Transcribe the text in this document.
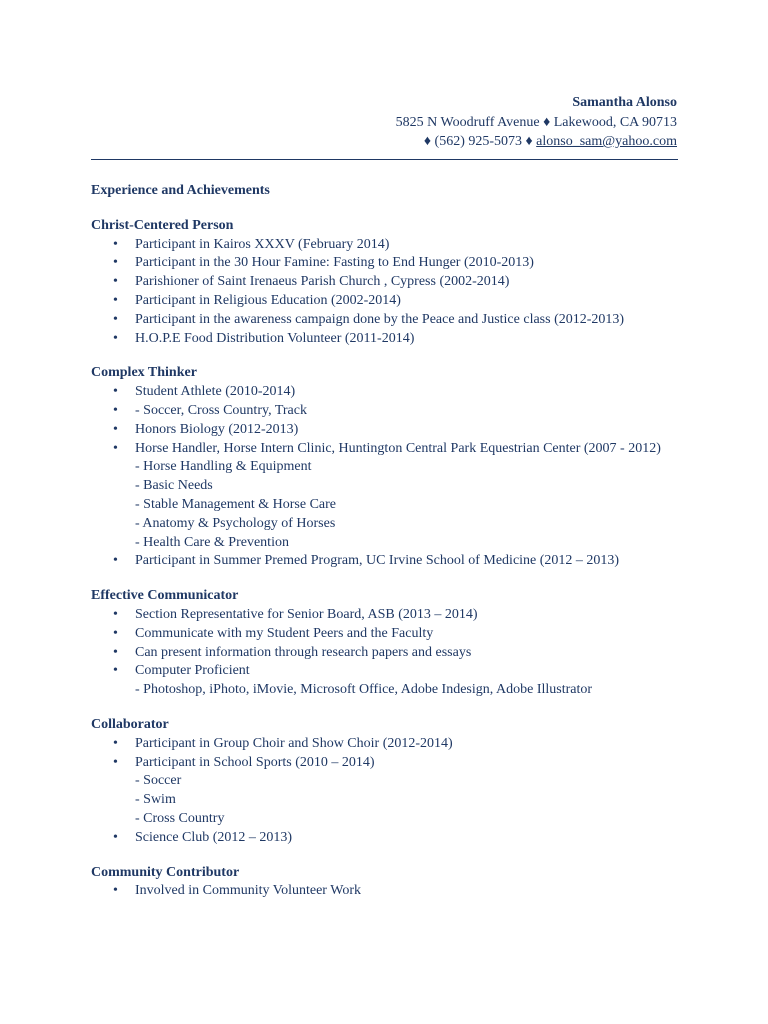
Samantha Alonso
5825 N Woodruff Avenue ♦ Lakewood, CA 90713
♦ (562) 925-5073 ♦ alonso_sam@yahoo.com
Experience and Achievements
Christ-Centered Person
• Participant in Kairos XXXV (February 2014)
• Participant in the 30 Hour Famine: Fasting to End Hunger (2010-2013)
• Parishioner of Saint Irenaeus Parish Church , Cypress (2002-2014)
• Participant in Religious Education (2002-2014)
• Participant in the awareness campaign done by the Peace and Justice class (2012-2013)
• H.O.P.E Food Distribution Volunteer (2011-2014)
Complex Thinker
• Student Athlete (2010-2014)
• - Soccer, Cross Country, Track
• Honors Biology (2012-2013)
• Horse Handler, Horse Intern Clinic, Huntington Central Park Equestrian Center (2007 - 2012)
- Horse Handling & Equipment
- Basic Needs
- Stable Management & Horse Care
- Anatomy & Psychology of Horses
- Health Care & Prevention
• Participant in Summer Premed Program, UC Irvine School of Medicine (2012 – 2013)
Effective Communicator
• Section Representative for Senior Board, ASB (2013 – 2014)
• Communicate with my Student Peers and the Faculty
• Can present information through research papers and essays
• Computer Proficient
- Photoshop, iPhoto, iMovie, Microsoft Office, Adobe Indesign, Adobe Illustrator
Collaborator
• Participant in Group Choir and Show Choir (2012-2014)
• Participant in School Sports (2010 – 2014)
- Soccer
- Swim
- Cross Country
• Science Club (2012 – 2013)
Community Contributor
• Involved in Community Volunteer Work
